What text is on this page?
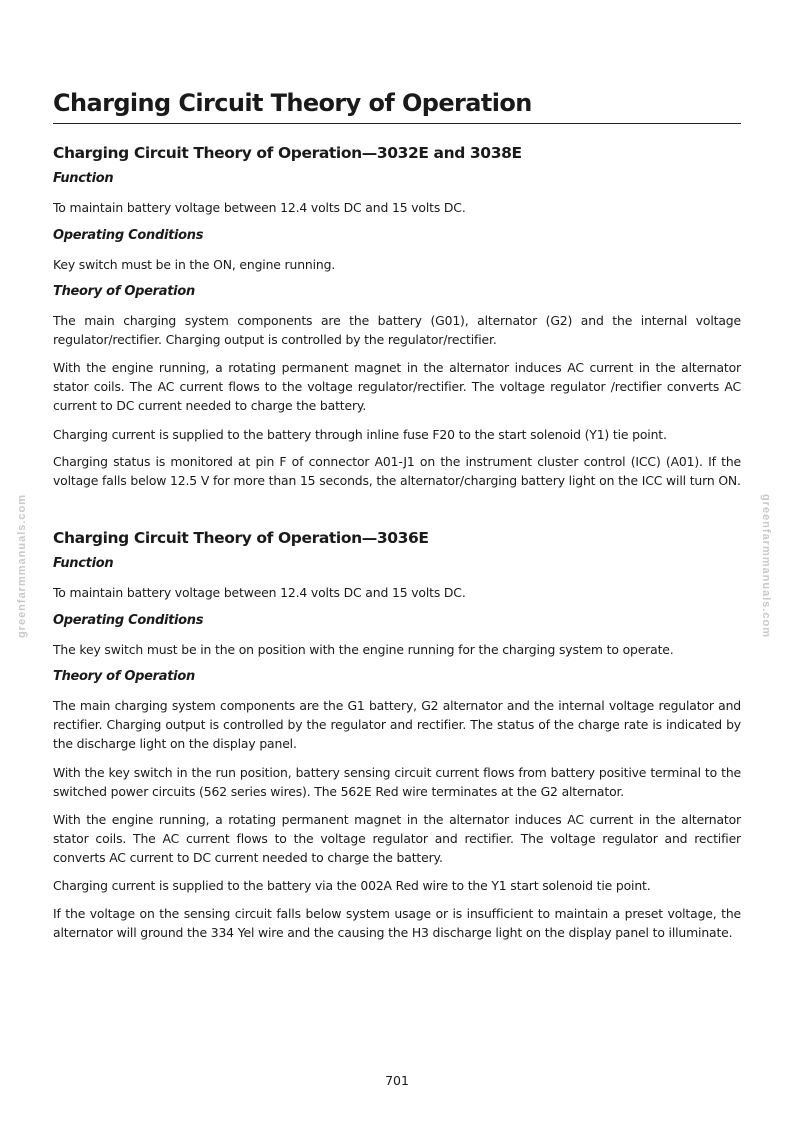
greenfarmmanuals.com	greenfarmmanuals.com
Charging Circuit Theory of Operation
Charging Circuit Theory of Operation—3032E and 3038E
Function

To maintain battery voltage between 12.4 volts DC and 15 volts DC.

Operating Conditions

Key switch must be in the ON, engine running.

Theory of Operation

The main charging system components are the battery (G01), alternator (G2) and the internal voltage regulator/rectifier. Charging output is controlled by the regulator/rectifier.

With the engine running, a rotating permanent magnet in the alternator induces AC current in the alternator stator coils. The AC current flows to the voltage regulator/rectifier. The voltage regulator /rectifier converts AC current to DC current needed to charge the battery.

Charging current is supplied to the battery through inline fuse F20 to the start solenoid (Y1) tie point.

Charging status is monitored at pin F of connector A01-J1 on the instrument cluster control (ICC) (A01). If the voltage falls below 12.5 V for more than 15 seconds, the alternator/charging battery light on the ICC will turn ON.

Charging Circuit Theory of Operation—3036E
Function

To maintain battery voltage between 12.4 volts DC and 15 volts DC.

Operating Conditions

The key switch must be in the on position with the engine running for the charging system to operate.

Theory of Operation

The main charging system components are the G1 battery, G2 alternator and the internal voltage regulator and rectifier. Charging output is controlled by the regulator and rectifier. The status of the charge rate is indicated by the discharge light on the display panel.

With the key switch in the run position, battery sensing circuit current flows from battery positive terminal to the switched power circuits (562 series wires). The 562E Red wire terminates at the G2 alternator.

With the engine running, a rotating permanent magnet in the alternator induces AC current in the alternator stator coils. The AC current flows to the voltage regulator and rectifier. The voltage regulator and rectifier converts AC current to DC current needed to charge the battery.

Charging current is supplied to the battery via the 002A Red wire to the Y1 start solenoid tie point.

If the voltage on the sensing circuit falls below system usage or is insufficient to maintain a preset voltage, the alternator will ground the 334 Yel wire and the causing the H3 discharge light on the display panel to illuminate.

701
